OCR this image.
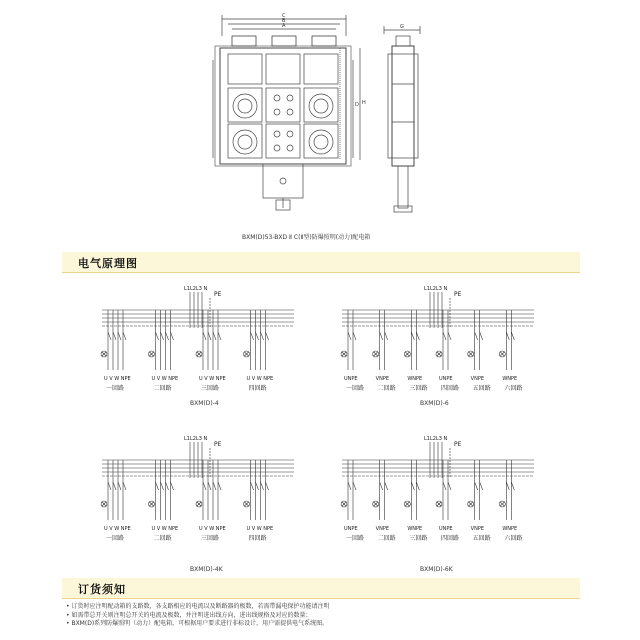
C
B
A
H
D
G
BXM(D)53-BXD Ⅱ C(Ⅱ型)防爆照明(动力)配电箱
电气原理图
L1L2L3 N
PE
U V W NPE
一回路
U V W NPE
二回路
U V W NPE
三回路
U V W NPE
四回路
L1L2L3 N
PE
UNPE
一回路
VNPE
二回路
WNPE
三回路
UNPE
四回路
VNPE
五回路
WNPE
六回路
L1L2L3 N
PE
U V W NPE
一回路
U V W NPE
二回路
U V W NPE
三回路
U V W NPE
四回路
L1L2L3 N
PE
UNPE
一回路
VNPE
二回路
WNPE
三回路
UNPE
四回路
VNPE
五回路
WNPE
六回路
BXM(D)-4	BXM(D)-6
BXM(D)-4K	BXM(D)-6K
订货须知
• 订货时应注明配动箱的支路数，各支路相应的电流以及断路器的极数，若需带漏电保护功能请注明
• 如需带总开关则注明总开关的电流及极数，并注明进出线方向，进出线规格及对应的数量；
• BXM(D)系列防爆照明（动力）配电箱，可根据用户要求进行非标设计，用户需提供电气系统图。
